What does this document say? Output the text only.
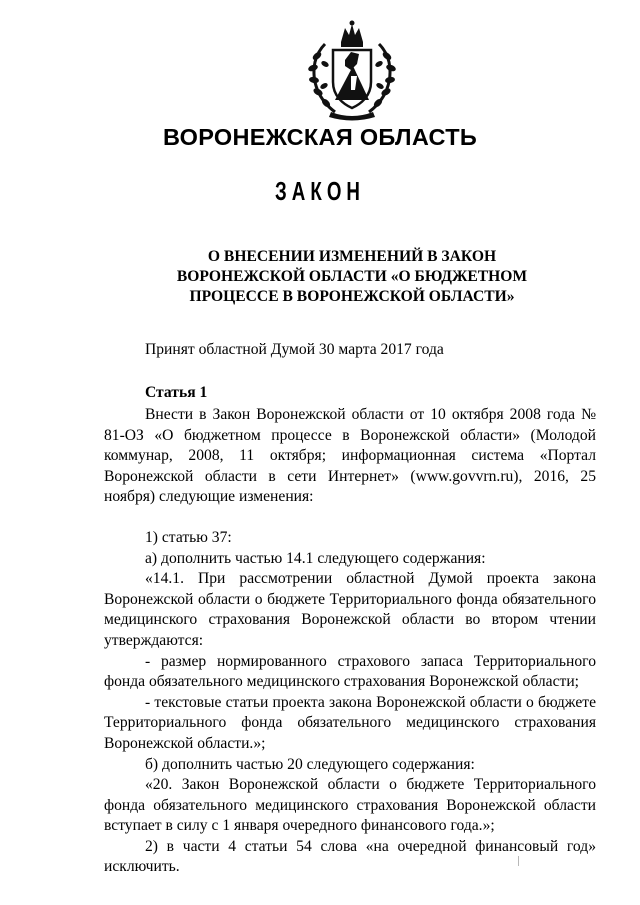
ВОРОНЕЖСКАЯ ОБЛАСТЬ
ЗАКОН
О ВНЕСЕНИИ ИЗМЕНЕНИЙ В ЗАКОН
ВОРОНЕЖСКОЙ ОБЛАСТИ «О БЮДЖЕТНОМ
ПРОЦЕССЕ В ВОРОНЕЖСКОЙ ОБЛАСТИ»

Принят областной Думой 30 марта 2017 года

Статья 1

Внести в Закон Воронежской области от 10 октября 2008 года № 81-ОЗ «О бюджетном процессе в Воронежской области» (Молодой коммунар, 2008, 11 октября; информационная система «Портал Воронежской области в сети Интернет» (www.govvrn.ru), 2016, 25 ноября) следующие изменения:

1) статью 37:

а) дополнить частью 14.1 следующего содержания:

«14.1. При рассмотрении областной Думой проекта закона Воронежской области о бюджете Территориального фонда обязательного медицинского страхования Воронежской области во втором чтении утверждаются:

- размер нормированного страхового запаса Территориального фонда обязательного медицинского страхования Воронежской области;

- текстовые статьи проекта закона Воронежской области о бюджете Территориального фонда обязательного медицинского страхования Воронежской области.»;

б) дополнить частью 20 следующего содержания:

«20. Закон Воронежской области о бюджете Территориального фонда обязательного медицинского страхования Воронежской области вступает в силу с 1 января очередного финансового года.»;

2) в части 4 статьи 54 слова «на очередной финансовый год» исключить.
